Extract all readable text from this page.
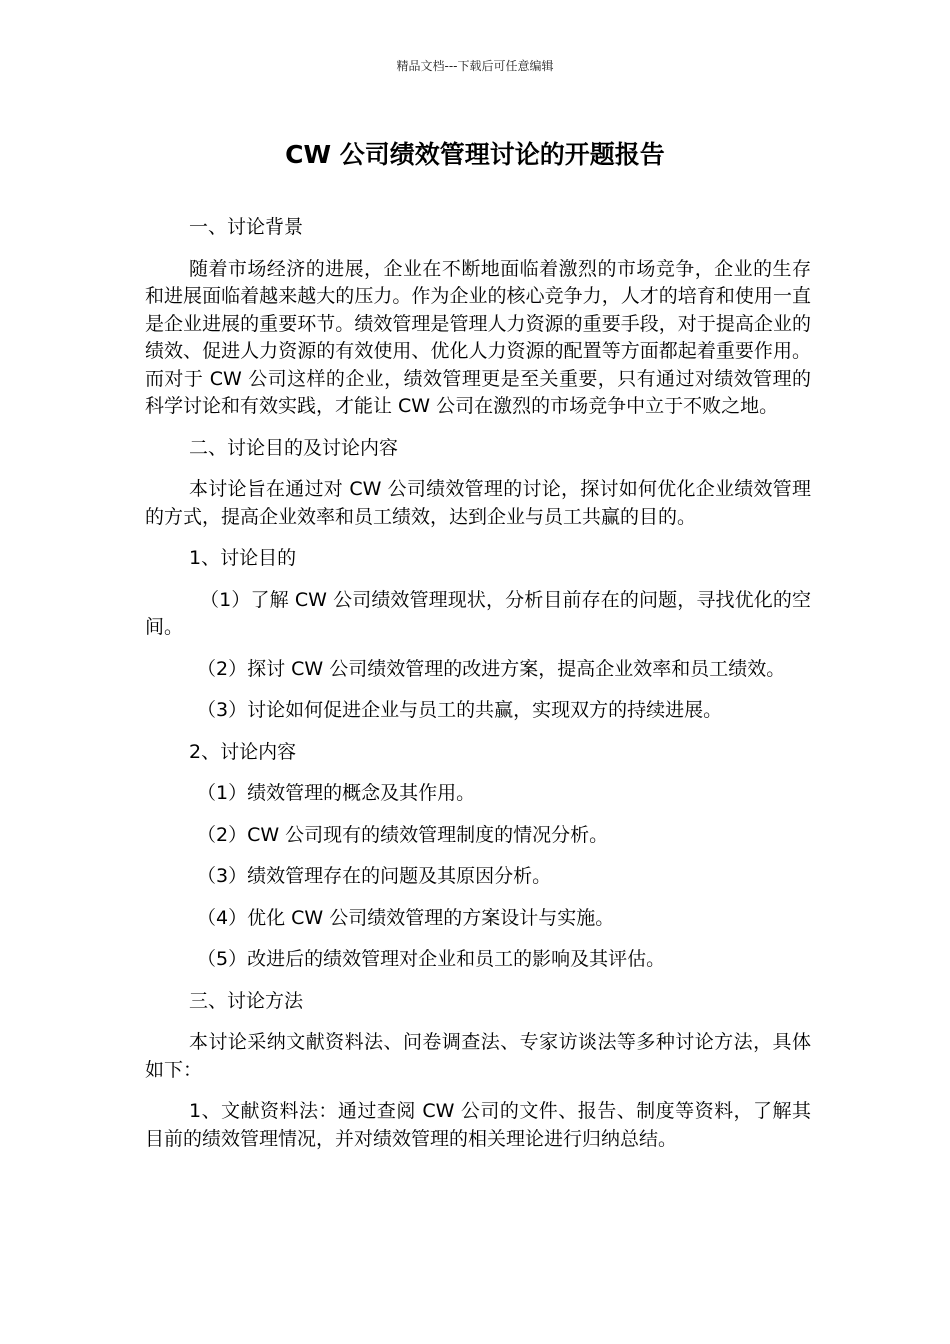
精品文档---下载后可任意编辑
CW 公司绩效管理讨论的开题报告

一、讨论背景

随着市场经济的进展，企业在不断地面临着激烈的市场竞争，企业的生存和进展面临着越来越大的压力。作为企业的核心竞争力，人才的培育和使用一直是企业进展的重要环节。绩效管理是管理人力资源的重要手段，对于提高企业的绩效、促进人力资源的有效使用、优化人力资源的配置等方面都起着重要作用。而对于 CW 公司这样的企业，绩效管理更是至关重要，只有通过对绩效管理的科学讨论和有效实践，才能让 CW 公司在激烈的市场竞争中立于不败之地。

二、讨论目的及讨论内容

本讨论旨在通过对 CW 公司绩效管理的讨论，探讨如何优化企业绩效管理的方式，提高企业效率和员工绩效，达到企业与员工共赢的目的。

1、讨论目的

（1）了解 CW 公司绩效管理现状，分析目前存在的问题，寻找优化的空间。

（2）探讨 CW 公司绩效管理的改进方案，提高企业效率和员工绩效。

（3）讨论如何促进企业与员工的共赢，实现双方的持续进展。

2、讨论内容

（1）绩效管理的概念及其作用。

（2）CW 公司现有的绩效管理制度的情况分析。

（3）绩效管理存在的问题及其原因分析。

（4）优化 CW 公司绩效管理的方案设计与实施。

（5）改进后的绩效管理对企业和员工的影响及其评估。

三、讨论方法

本讨论采纳文献资料法、问卷调查法、专家访谈法等多种讨论方法，具体如下：

1、文献资料法：通过查阅 CW 公司的文件、报告、制度等资料，了解其目前的绩效管理情况，并对绩效管理的相关理论进行归纳总结。
